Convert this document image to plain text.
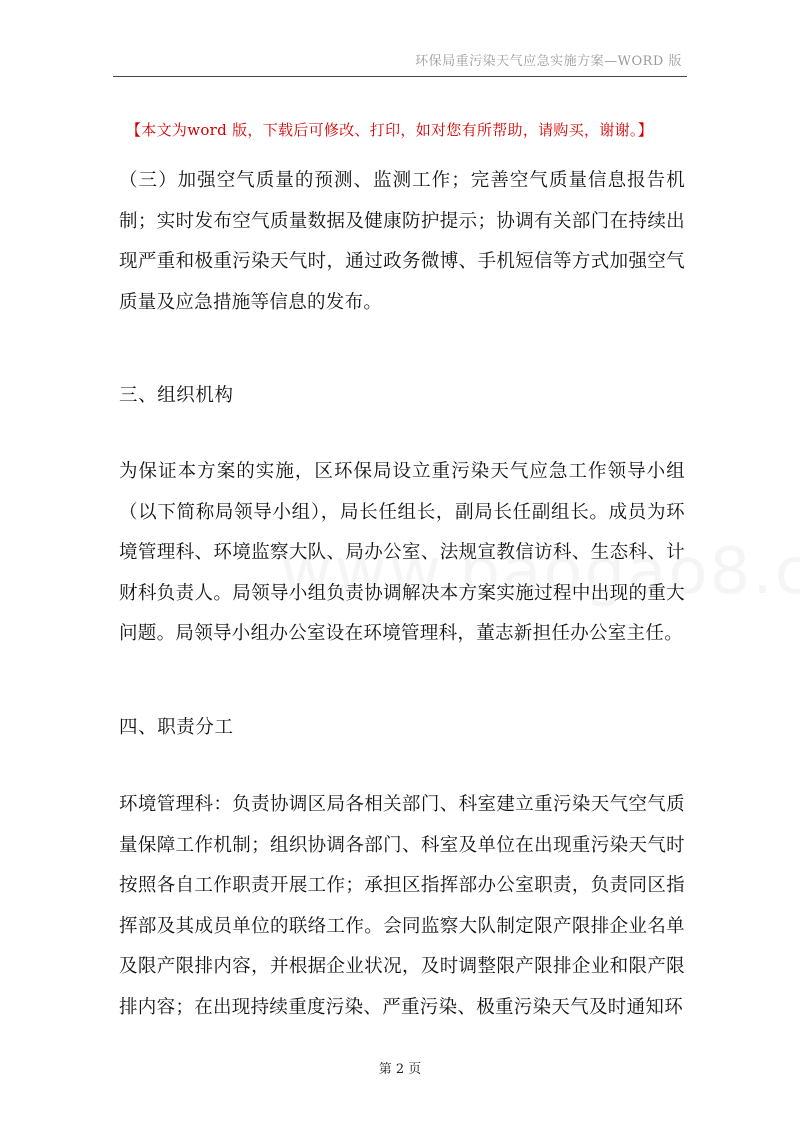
环保局重污染天气应急实施方案—WORD 版
【本文为word 版，下载后可修改、打印，如对您有所帮助，请购买，谢谢。】

（三）加强空气质量的预测、监测工作；完善空气质量信息报告机制；实时发布空气质量数据及健康防护提示；协调有关部门在持续出现严重和极重污染天气时，通过政务微博、手机短信等方式加强空气质量及应急措施等信息的发布。

三、组织机构

为保证本方案的实施，区环保局设立重污染天气应急工作领导小组（以下简称局领导小组），局长任组长，副局长任副组长。成员为环境管理科、环境监察大队、局办公室、法规宣教信访科、生态科、计财科负责人。局领导小组负责协调解决本方案实施过程中出现的重大问题。局领导小组办公室设在环境管理科，董志新担任办公室主任。

四、职责分工

环境管理科：负责协调区局各相关部门、科室建立重污染天气空气质量保障工作机制；组织协调各部门、科室及单位在出现重污染天气时按照各自工作职责开展工作；承担区指挥部办公室职责，负责同区指挥部及其成员单位的联络工作。会同监察大队制定限产限排企业名单及限产限排内容，并根据企业状况，及时调整限产限排企业和限产限排内容；在出现持续重度污染、严重污染、极重污染天气及时通知环

第 2 页
